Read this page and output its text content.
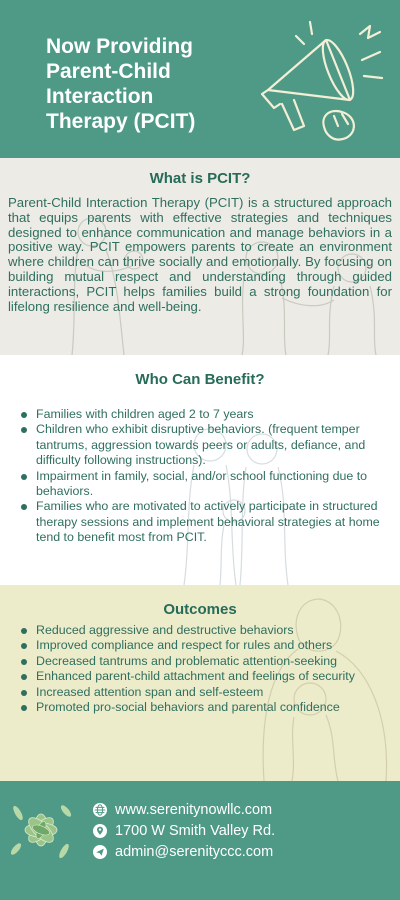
Now Providing
Parent-Child
Interaction
Therapy (PCIT)
What is PCIT?

Parent-Child Interaction Therapy (PCIT) is a structured approach that equips parents with effective strategies and techniques designed to enhance communication and manage behaviors in a positive way. PCIT empowers parents to create an environment where children can thrive socially and emotionally. By focusing on building mutual respect and understanding through guided interactions, PCIT helps families build a strong foundation for lifelong resilience and well-being.

Who Can Benefit?
Families with children aged 2 to 7 years
Children who exhibit disruptive behaviors. (frequent temper tantrums, aggression towards peers or adults, defiance, and difficulty following instructions).
Impairment in family, social, and/or school functioning due to behaviors.
Families who are motivated to actively participate in structured therapy sessions and implement behavioral strategies at home tend to benefit most from PCIT.
Outcomes
Reduced aggressive and destructive behaviors
Improved compliance and respect for rules and others
Decreased tantrums and problematic attention-seeking
Enhanced parent-child attachment and feelings of security
Increased attention span and self-esteem
Promoted pro-social behaviors and parental confidence
www.serenitynowllc.com
1700 W Smith Valley Rd.
admin@serenityccc.com
